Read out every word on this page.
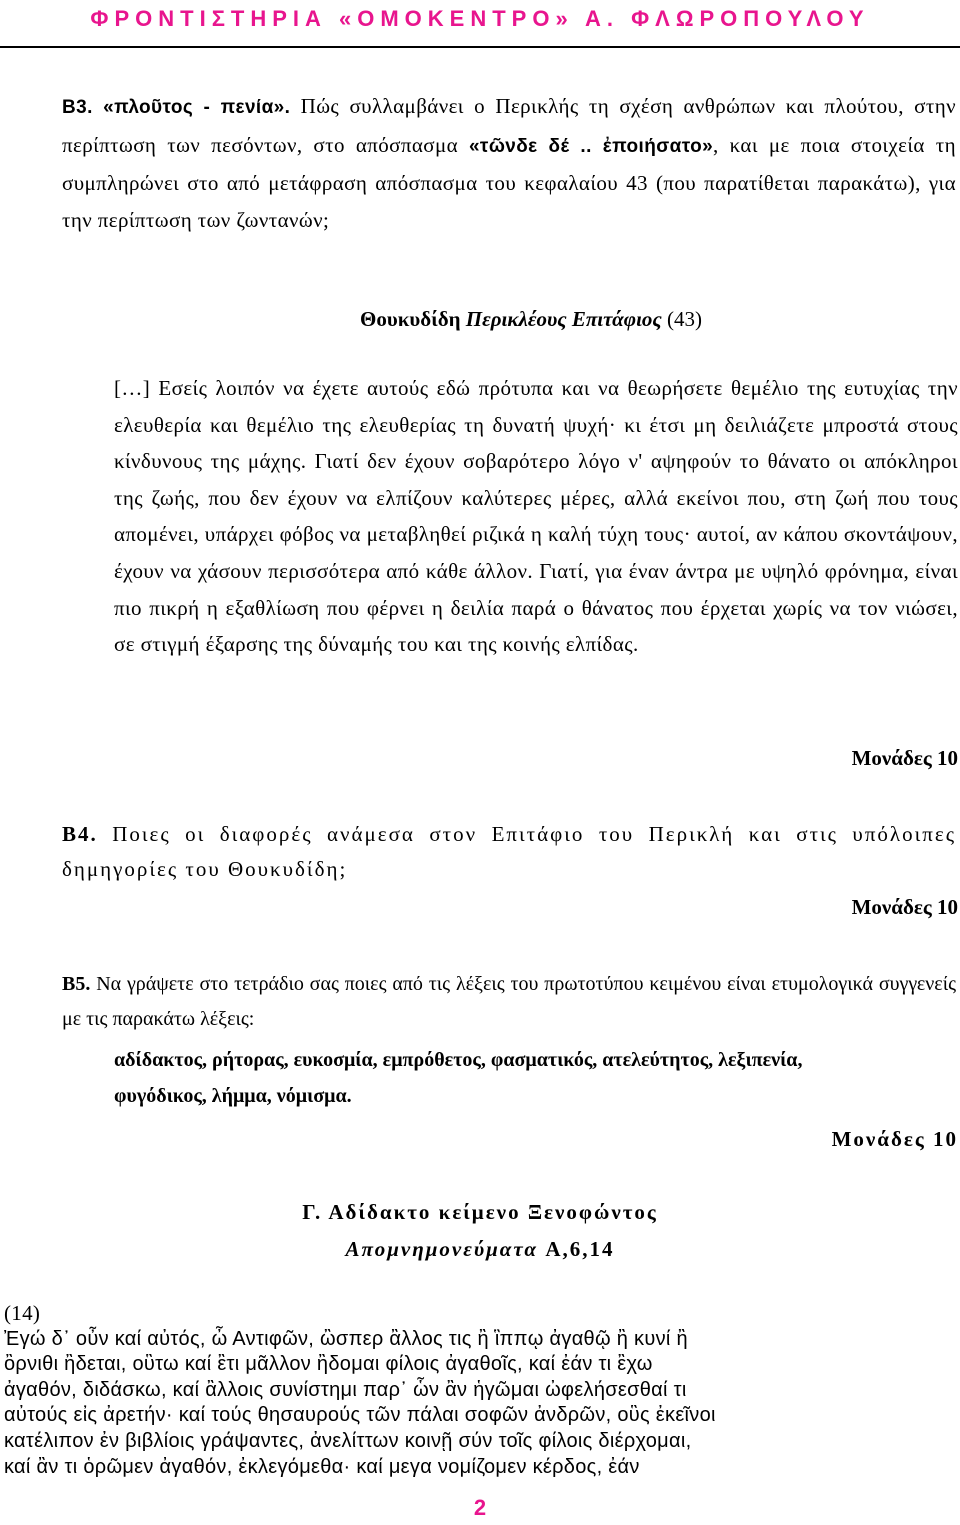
ΦΡΟΝΤΙΣΤΗΡΙΑ «ΟΜΟΚΕΝΤΡΟ» Α. ΦΛΩΡΟΠΟΥΛΟΥ
Β3. «πλοῦτος - πενία». Πώς συλλαμβάνει ο Περικλής τη σχέση ανθρώπων και πλούτου, στην περίπτωση των πεσόντων, στο απόσπασμα «τῶνδε δέ .. ἐποιήσατο», και με ποια στοιχεία τη συμπληρώνει στο από μετάφραση απόσπασμα του κεφαλαίου 43 (που παρατίθεται παρακάτω), για την περίπτωση των ζωντανών;
Θουκυδίδη Περικλέους Επιτάφιος (43)
[…] Εσείς λοιπόν να έχετε αυτούς εδώ πρότυπα και να θεωρήσετε θεμέλιο της ευτυχίας την ελευθερία και θεμέλιο της ελευθερίας τη δυνατή ψυχή· κι έτσι μη δειλιάζετε μπροστά στους κίνδυνους της μάχης. Γιατί δεν έχουν σοβαρότερο λόγο ν' αψηφούν το θάνατο οι απόκληροι της ζωής, που δεν έχουν να ελπίζουν καλύτερες μέρες, αλλά εκείνοι που, στη ζωή που τους απομένει, υπάρχει φόβος να μεταβληθεί ριζικά η καλή τύχη τους· αυτοί, αν κάπου σκοντάψουν, έχουν να χάσουν περισσότερα από κάθε άλλον. Γιατί, για έναν άντρα με υψηλό φρόνημα, είναι πιο πικρή η εξαθλίωση που φέρνει η δειλία παρά ο θάνατος που έρχεται χωρίς να τον νιώσει, σε στιγμή έξαρσης της δύναμής του και της κοινής ελπίδας.
Μονάδες 10
Β4. Ποιες οι διαφορές ανάμεσα στον Επιτάφιο του Περικλή και στις υπόλοιπες δημηγορίες του Θουκυδίδη;
Μονάδες 10
Β5. Να γράψετε στο τετράδιο σας ποιες από τις λέξεις του πρωτοτύπου κειμένου είναι ετυμολογικά συγγενείς με τις παρακάτω λέξεις:
αδίδακτος, ρήτορας, ευκοσμία, εμπρόθετος, φασματικός, ατελεύτητος, λεξιπενία, φυγόδικος, λήμμα, νόμισμα.
Μονάδες 10
Γ. Αδίδακτο κείμενο Ξενοφώντος
Απομνημονεύματα Α,6,14
(14)
Ἐγώ δ᾽ οὖν καί αὐτός, ὦ Αντιφῶν, ὢσπερ ἂλλος τις ἢ ἳππῳ ἀγαθῷ ἢ κυνί ἢ
ὂρνιθι ἢδεται, οὓτω καί ἒτι μᾶλλον ἢδομαι φίλοις ἀγαθοῖς, καί ἐάν τι ἒχω
ἀγαθόν, διδάσκω, καί ἂλλοις συνίστημι παρ᾽ ὧν ἂν ἡγῶμαι ὠφελήσεσθαί τι
αὐτούς εἰς ἀρετήν· καί τούς θησαυρούς τῶν πάλαι σοφῶν ἀνδρῶν, οὓς ἐκεῖνοι
κατέλιπον ἐν βιβλίοις γράψαντες, ἀνελίττων κοινῇ σύν τοῖς φίλοις διέρχομαι,
καί ἂν τι ὁρῶμεν ἀγαθόν, ἐκλεγόμεθα· καί μεγα νομίζομεν κέρδος, ἐάν
2
